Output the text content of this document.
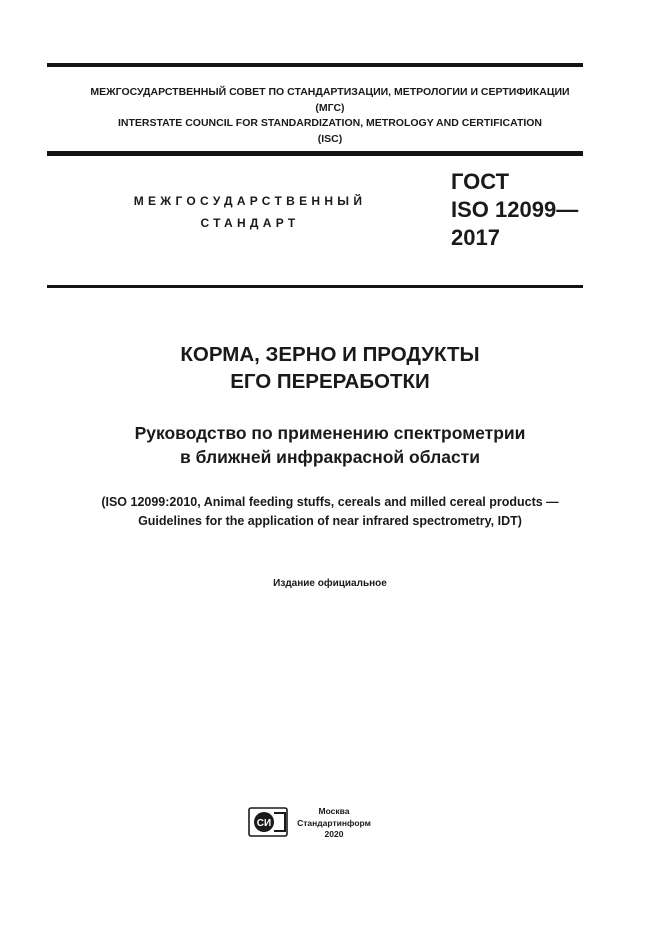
МЕЖГОСУДАРСТВЕННЫЙ СОВЕТ ПО СТАНДАРТИЗАЦИИ, МЕТРОЛОГИИ И СЕРТИФИКАЦИИ
(МГС)
INTERSTATE COUNCIL FOR STANDARDIZATION, METROLOGY AND CERTIFICATION
(ISC)
МЕЖГОСУДАРСТВЕННЫЙ
СТАНДАРТ
ГОСТ
ISO 12099—
2017
КОРМА, ЗЕРНО И ПРОДУКТЫ
ЕГО ПЕРЕРАБОТКИ
Руководство по применению спектрометрии
в ближней инфракрасной области
(ISO 12099:2010, Animal feeding stuffs, cereals and milled cereal products —
Guidelines for the application of near infrared spectrometry, IDT)
Издание официальное
СИ
Москва
Стандартинформ
2020
